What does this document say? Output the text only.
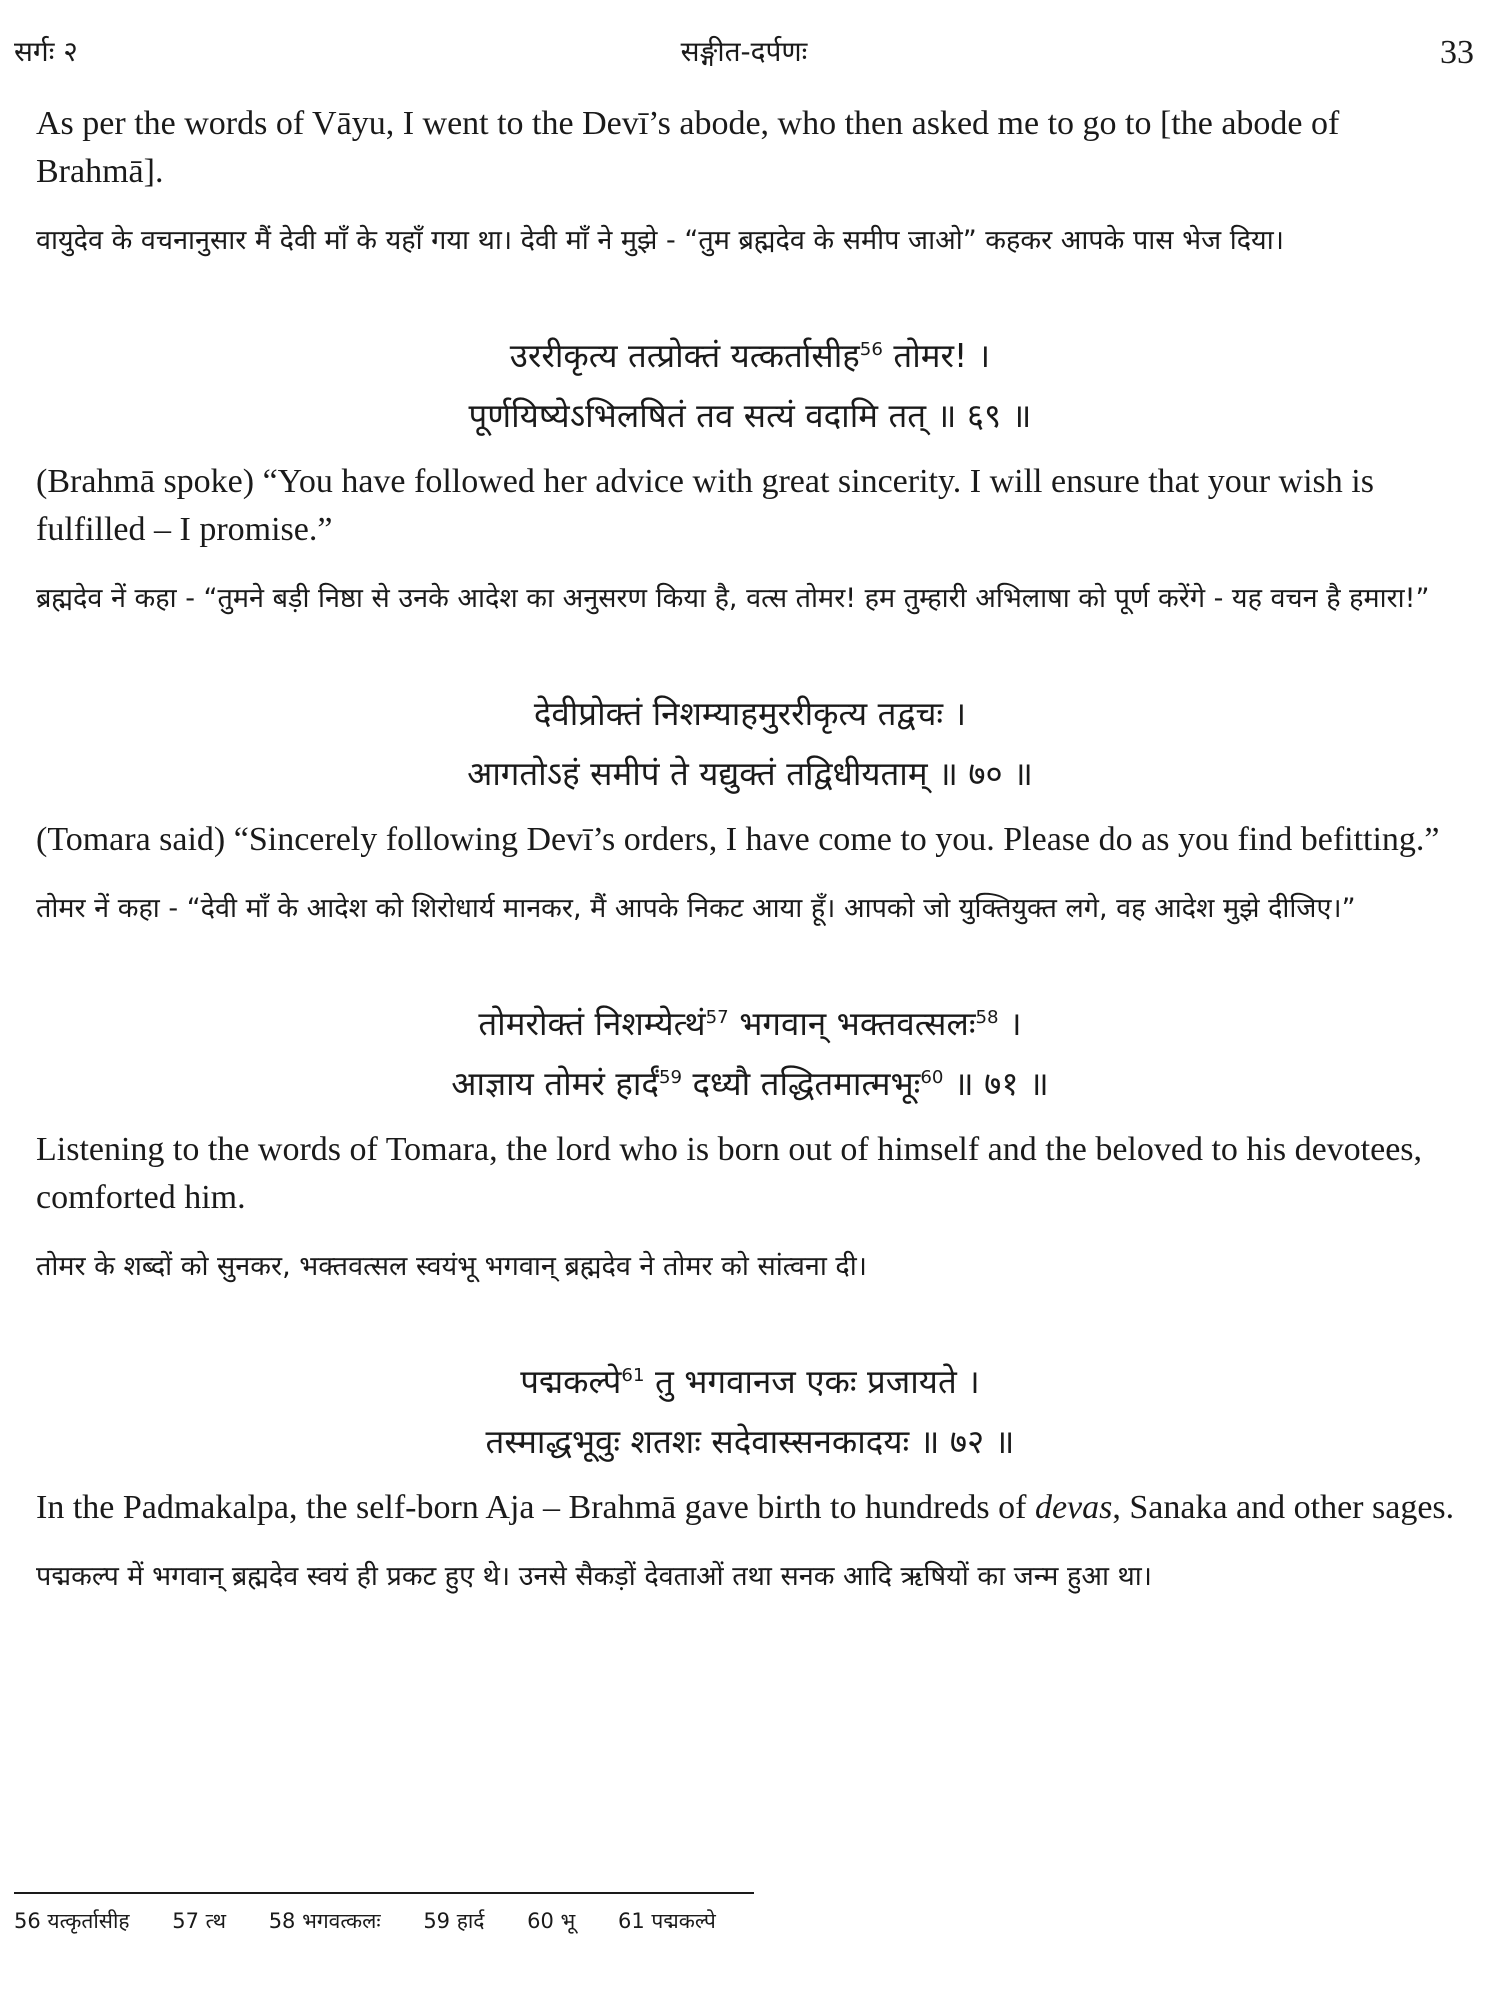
सर्गः २	सङ्गीत-दर्पणः	33

As per the words of Vāyu, I went to the Devī’s abode, who then asked me to go to [the abode of Brahmā].

वायुदेव के वचनानुसार मैं देवी माँ के यहाँ गया था। देवी माँ ने मुझे - “तुम ब्रह्मदेव के समीप जाओ” कहकर आपके पास भेज दिया।

उररीकृत्य तत्प्रोक्तं यत्कर्तासीह$^{56}$ तोमर! ।

पूर्णयिष्येऽभिलषितं तव सत्यं वदामि तत् ॥ ६९ ॥

(Brahmā spoke) “You have followed her advice with great sincerity. I will ensure that your wish is fulfilled – I promise.”

ब्रह्मदेव नें कहा - “तुमने बड़ी निष्ठा से उनके आदेश का अनुसरण किया है, वत्स तोमर! हम तुम्हारी अभिलाषा को पूर्ण करेंगे - यह वचन है हमारा!”

देवीप्रोक्तं निशम्याहमुररीकृत्य तद्वचः ।

आगतोऽहं समीपं ते यद्युक्तं तद्विधीयताम् ॥ ७० ॥

(Tomara said) “Sincerely following Devī’s orders, I have come to you. Please do as you find befitting.”

तोमर नें कहा - “देवी माँ के आदेश को शिरोधार्य मानकर, मैं आपके निकट आया हूँ। आपको जो युक्तियुक्त लगे, वह आदेश मुझे दीजिए।”

तोमरोक्तं निशम्येत्थं$^{57}$ भगवान् भक्तवत्सलः$^{58}$ ।

आज्ञाय तोमरं हार्दं$^{59}$ दध्यौ तद्धितमात्मभूः$^{60}$ ॥ ७१ ॥

Listening to the words of Tomara, the lord who is born out of himself and the beloved to his devotees, comforted him.

तोमर के शब्दों को सुनकर, भक्तवत्सल स्वयंभू भगवान् ब्रह्मदेव ने तोमर को सांत्वना दी।

पद्मकल्पे$^{61}$ तु भगवानज एकः प्रजायते ।

तस्माद्धभूवुः शतशः सदेवास्सनकादयः ॥ ७२ ॥

In the Padmakalpa, the self-born Aja – Brahmā gave birth to hundreds of devas, Sanaka and other sages.

पद्मकल्प में भगवान् ब्रह्मदेव स्वयं ही प्रकट हुए थे। उनसे सैकड़ों देवताओं तथा सनक आदि ऋषियों का जन्म हुआ था।

56 यत्कृर्तासीह 57 त्थ 58 भगवत्कलः 59 हार्द 60 भू 61 पद्मकल्पे
